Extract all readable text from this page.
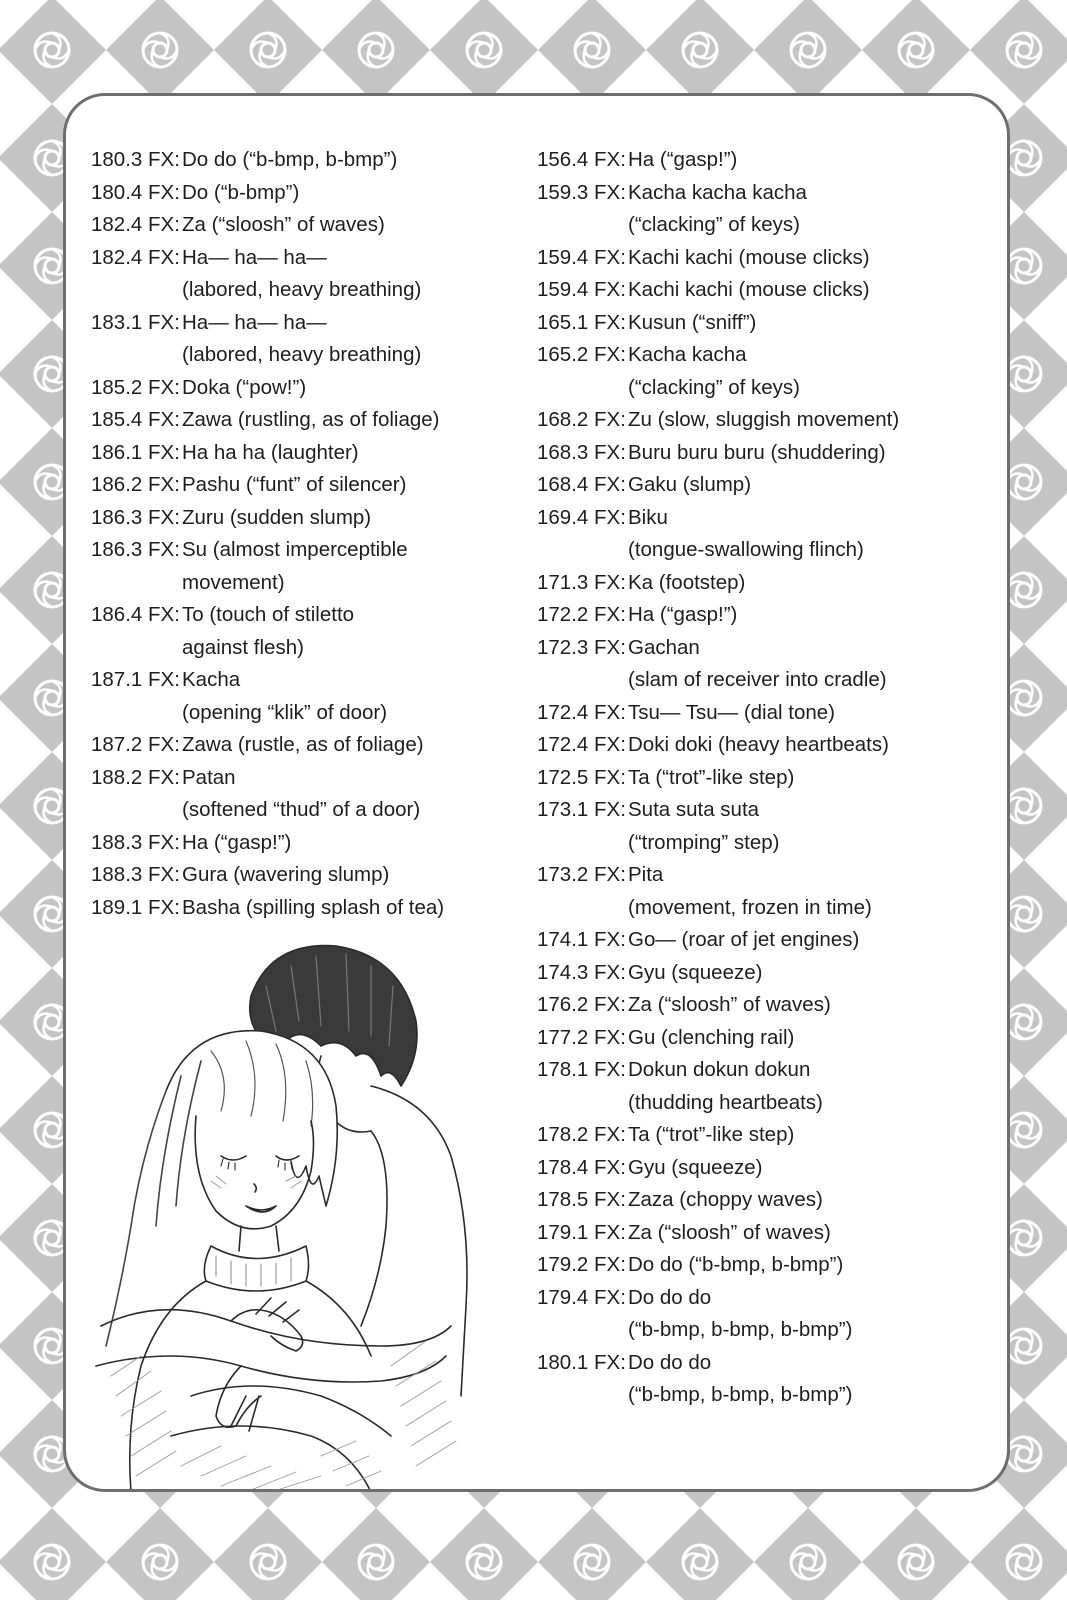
180.3 FX: Do do (“b-bmp, b-bmp”)
180.4 FX: Do (“b-bmp”)
182.4 FX: Za (“sloosh” of waves)
182.4 FX: Ha— ha— ha—
(labored, heavy breathing)
183.1 FX: Ha— ha— ha—
(labored, heavy breathing)
185.2 FX: Doka (“pow!”)
185.4 FX: Zawa (rustling, as of foliage)
186.1 FX: Ha ha ha (laughter)
186.2 FX: Pashu (“funt” of silencer)
186.3 FX: Zuru (sudden slump)
186.3 FX: Su (almost imperceptible
movement)
186.4 FX: To (touch of stiletto
against flesh)
187.1 FX: Kacha
(opening “klik” of door)
187.2 FX: Zawa (rustle, as of foliage)
188.2 FX: Patan
(softened “thud” of a door)
188.3 FX: Ha (“gasp!”)
188.3 FX: Gura (wavering slump)
189.1 FX: Basha (spilling splash of tea)
156.4 FX: Ha (“gasp!”)
159.3 FX: Kacha kacha kacha
(“clacking” of keys)
159.4 FX: Kachi kachi (mouse clicks)
159.4 FX: Kachi kachi (mouse clicks)
165.1 FX: Kusun (“sniff”)
165.2 FX: Kacha kacha
(“clacking” of keys)
168.2 FX: Zu (slow, sluggish movement)
168.3 FX: Buru buru buru (shuddering)
168.4 FX: Gaku (slump)
169.4 FX: Biku
(tongue-swallowing flinch)
171.3 FX: Ka (footstep)
172.2 FX: Ha (“gasp!”)
172.3 FX: Gachan
(slam of receiver into cradle)
172.4 FX: Tsu— Tsu— (dial tone)
172.4 FX: Doki doki (heavy heartbeats)
172.5 FX: Ta (“trot”-like step)
173.1 FX: Suta suta suta
(“tromping” step)
173.2 FX: Pita
(movement, frozen in time)
174.1 FX: Go— (roar of jet engines)
174.3 FX: Gyu (squeeze)
176.2 FX: Za (“sloosh” of waves)
177.2 FX: Gu (clenching rail)
178.1 FX: Dokun dokun dokun
(thudding heartbeats)
178.2 FX: Ta (“trot”-like step)
178.4 FX: Gyu (squeeze)
178.5 FX: Zaza (choppy waves)
179.1 FX: Za (“sloosh” of waves)
179.2 FX: Do do (“b-bmp, b-bmp”)
179.4 FX: Do do do
(“b-bmp, b-bmp, b-bmp”)
180.1 FX: Do do do
(“b-bmp, b-bmp, b-bmp”)
